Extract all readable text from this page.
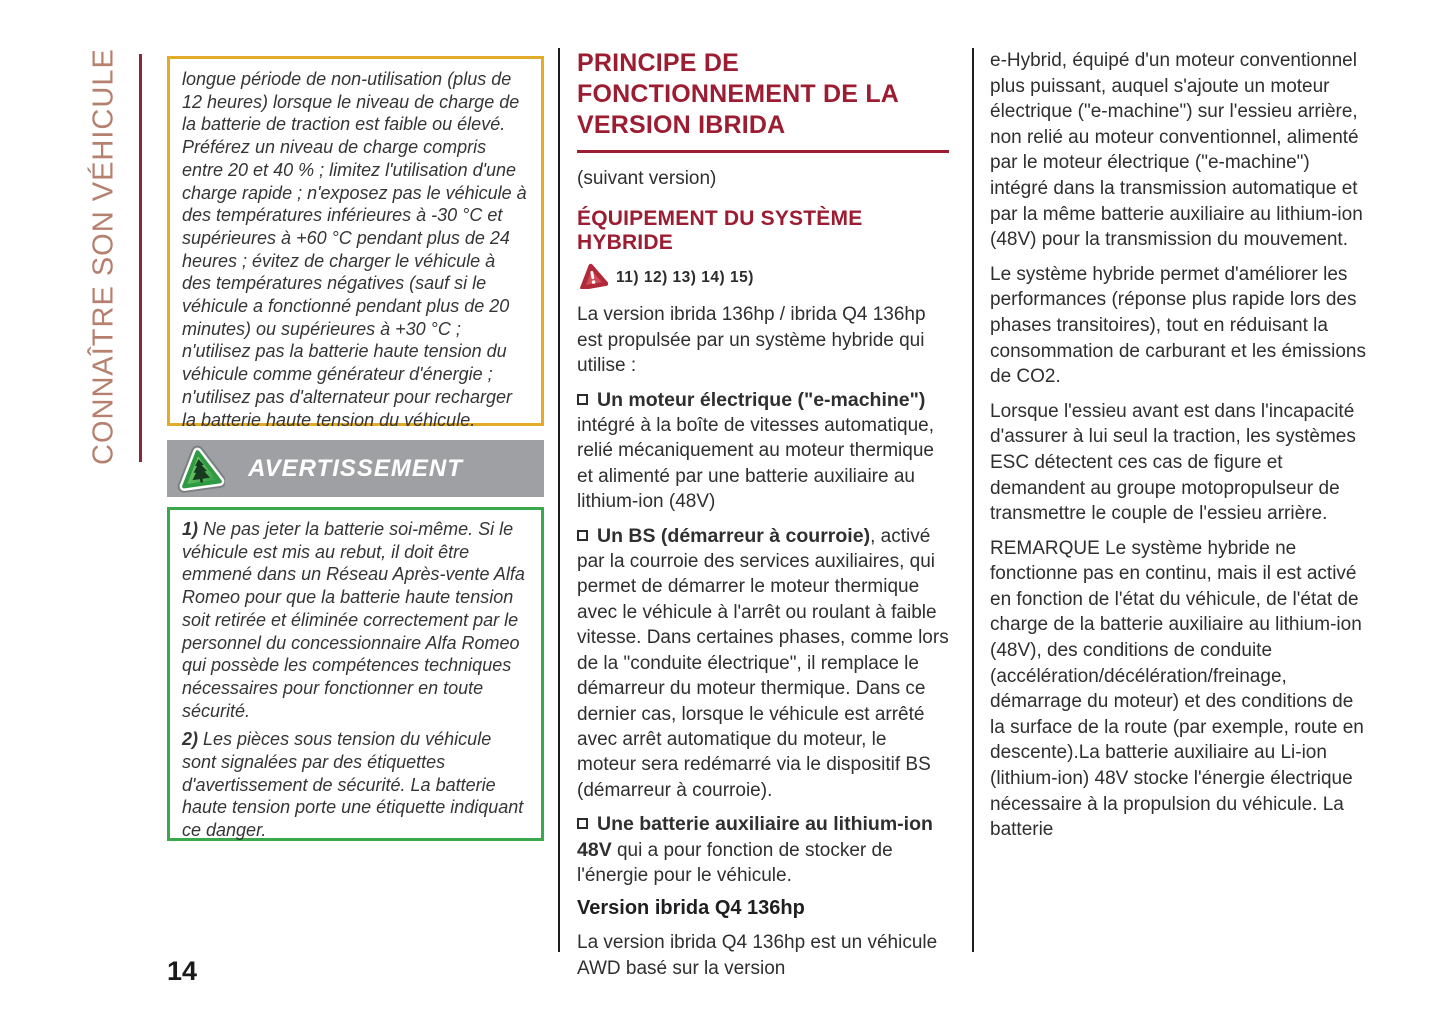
CONNAÎTRE SON VÉHICULE	longue période de non-utilisation (plus de 12 heures) lorsque le niveau de charge de la batterie de traction est faible ou élevé. Préférez un niveau de charge compris entre 20 et 40 % ; limitez l'utilisation d'une charge rapide ; n'exposez pas le véhicule à des températures inférieures à -30 °C et supérieures à +60 °C pendant plus de 24 heures ; évitez de charger le véhicule à des températures négatives (sauf si le véhicule a fonctionné pendant plus de 20 minutes) ou supérieures à +30 °C ; n'utilisez pas la batterie haute tension du véhicule comme générateur d'énergie ; n'utilisez pas d'alternateur pour recharger la batterie haute tension du véhicule.
AVERTISSEMENT

1) Ne pas jeter la batterie soi-même. Si le véhicule est mis au rebut, il doit être emmené dans un Réseau Après-vente Alfa Romeo pour que la batterie haute tension soit retirée et éliminée correctement par le personnel du concessionnaire Alfa Romeo qui possède les compétences techniques nécessaires pour fonctionner en toute sécurité.

2) Les pièces sous tension du véhicule sont signalées par des étiquettes d'avertissement de sécurité. La batterie haute tension porte une étiquette indiquant ce danger.

14
PRINCIPE DE FONCTIONNEMENT DE LA VERSION IBRIDA
(suivant version)
ÉQUIPEMENT DU SYSTÈME HYBRIDE
11) 12) 13) 14) 15)

La version ibrida 136hp / ibrida Q4 136hp est propulsée par un système hybride qui utilise :

Un moteur électrique ("e-machine") intégré à la boîte de vitesses automatique, relié mécaniquement au moteur thermique et alimenté par une batterie auxiliaire au lithium-ion (48V)

Un BS (démarreur à courroie), activé par la courroie des services auxiliaires, qui permet de démarrer le moteur thermique avec le véhicule à l'arrêt ou roulant à faible vitesse. Dans certaines phases, comme lors de la "conduite électrique", il remplace le démarreur du moteur thermique. Dans ce dernier cas, lorsque le véhicule est arrêté avec arrêt automatique du moteur, le moteur sera redémarré via le dispositif BS (démarreur à courroie).

Une batterie auxiliaire au lithium-ion 48V qui a pour fonction de stocker de l'énergie pour le véhicule.

Version ibrida Q4 136hp

La version ibrida Q4 136hp est un véhicule AWD basé sur la version

e-Hybrid, équipé d'un moteur conventionnel plus puissant, auquel s'ajoute un moteur électrique ("e-machine") sur l'essieu arrière, non relié au moteur conventionnel, alimenté par le moteur électrique ("e-machine") intégré dans la transmission automatique et par la même batterie auxiliaire au lithium-ion (48V) pour la transmission du mouvement.

Le système hybride permet d'améliorer les performances (réponse plus rapide lors des phases transitoires), tout en réduisant la consommation de carburant et les émissions de CO2.

Lorsque l'essieu avant est dans l'incapacité d'assurer à lui seul la traction, les systèmes ESC détectent ces cas de figure et demandent au groupe motopropulseur de transmettre le couple de l'essieu arrière.

REMARQUE Le système hybride ne fonctionne pas en continu, mais il est activé en fonction de l'état du véhicule, de l'état de charge de la batterie auxiliaire au lithium-ion (48V), des conditions de conduite (accélération/décélération/freinage, démarrage du moteur) et des conditions de la surface de la route (par exemple, route en descente).La batterie auxiliaire au Li-ion (lithium-ion) 48V stocke l'énergie électrique nécessaire à la propulsion du véhicule. La batterie
